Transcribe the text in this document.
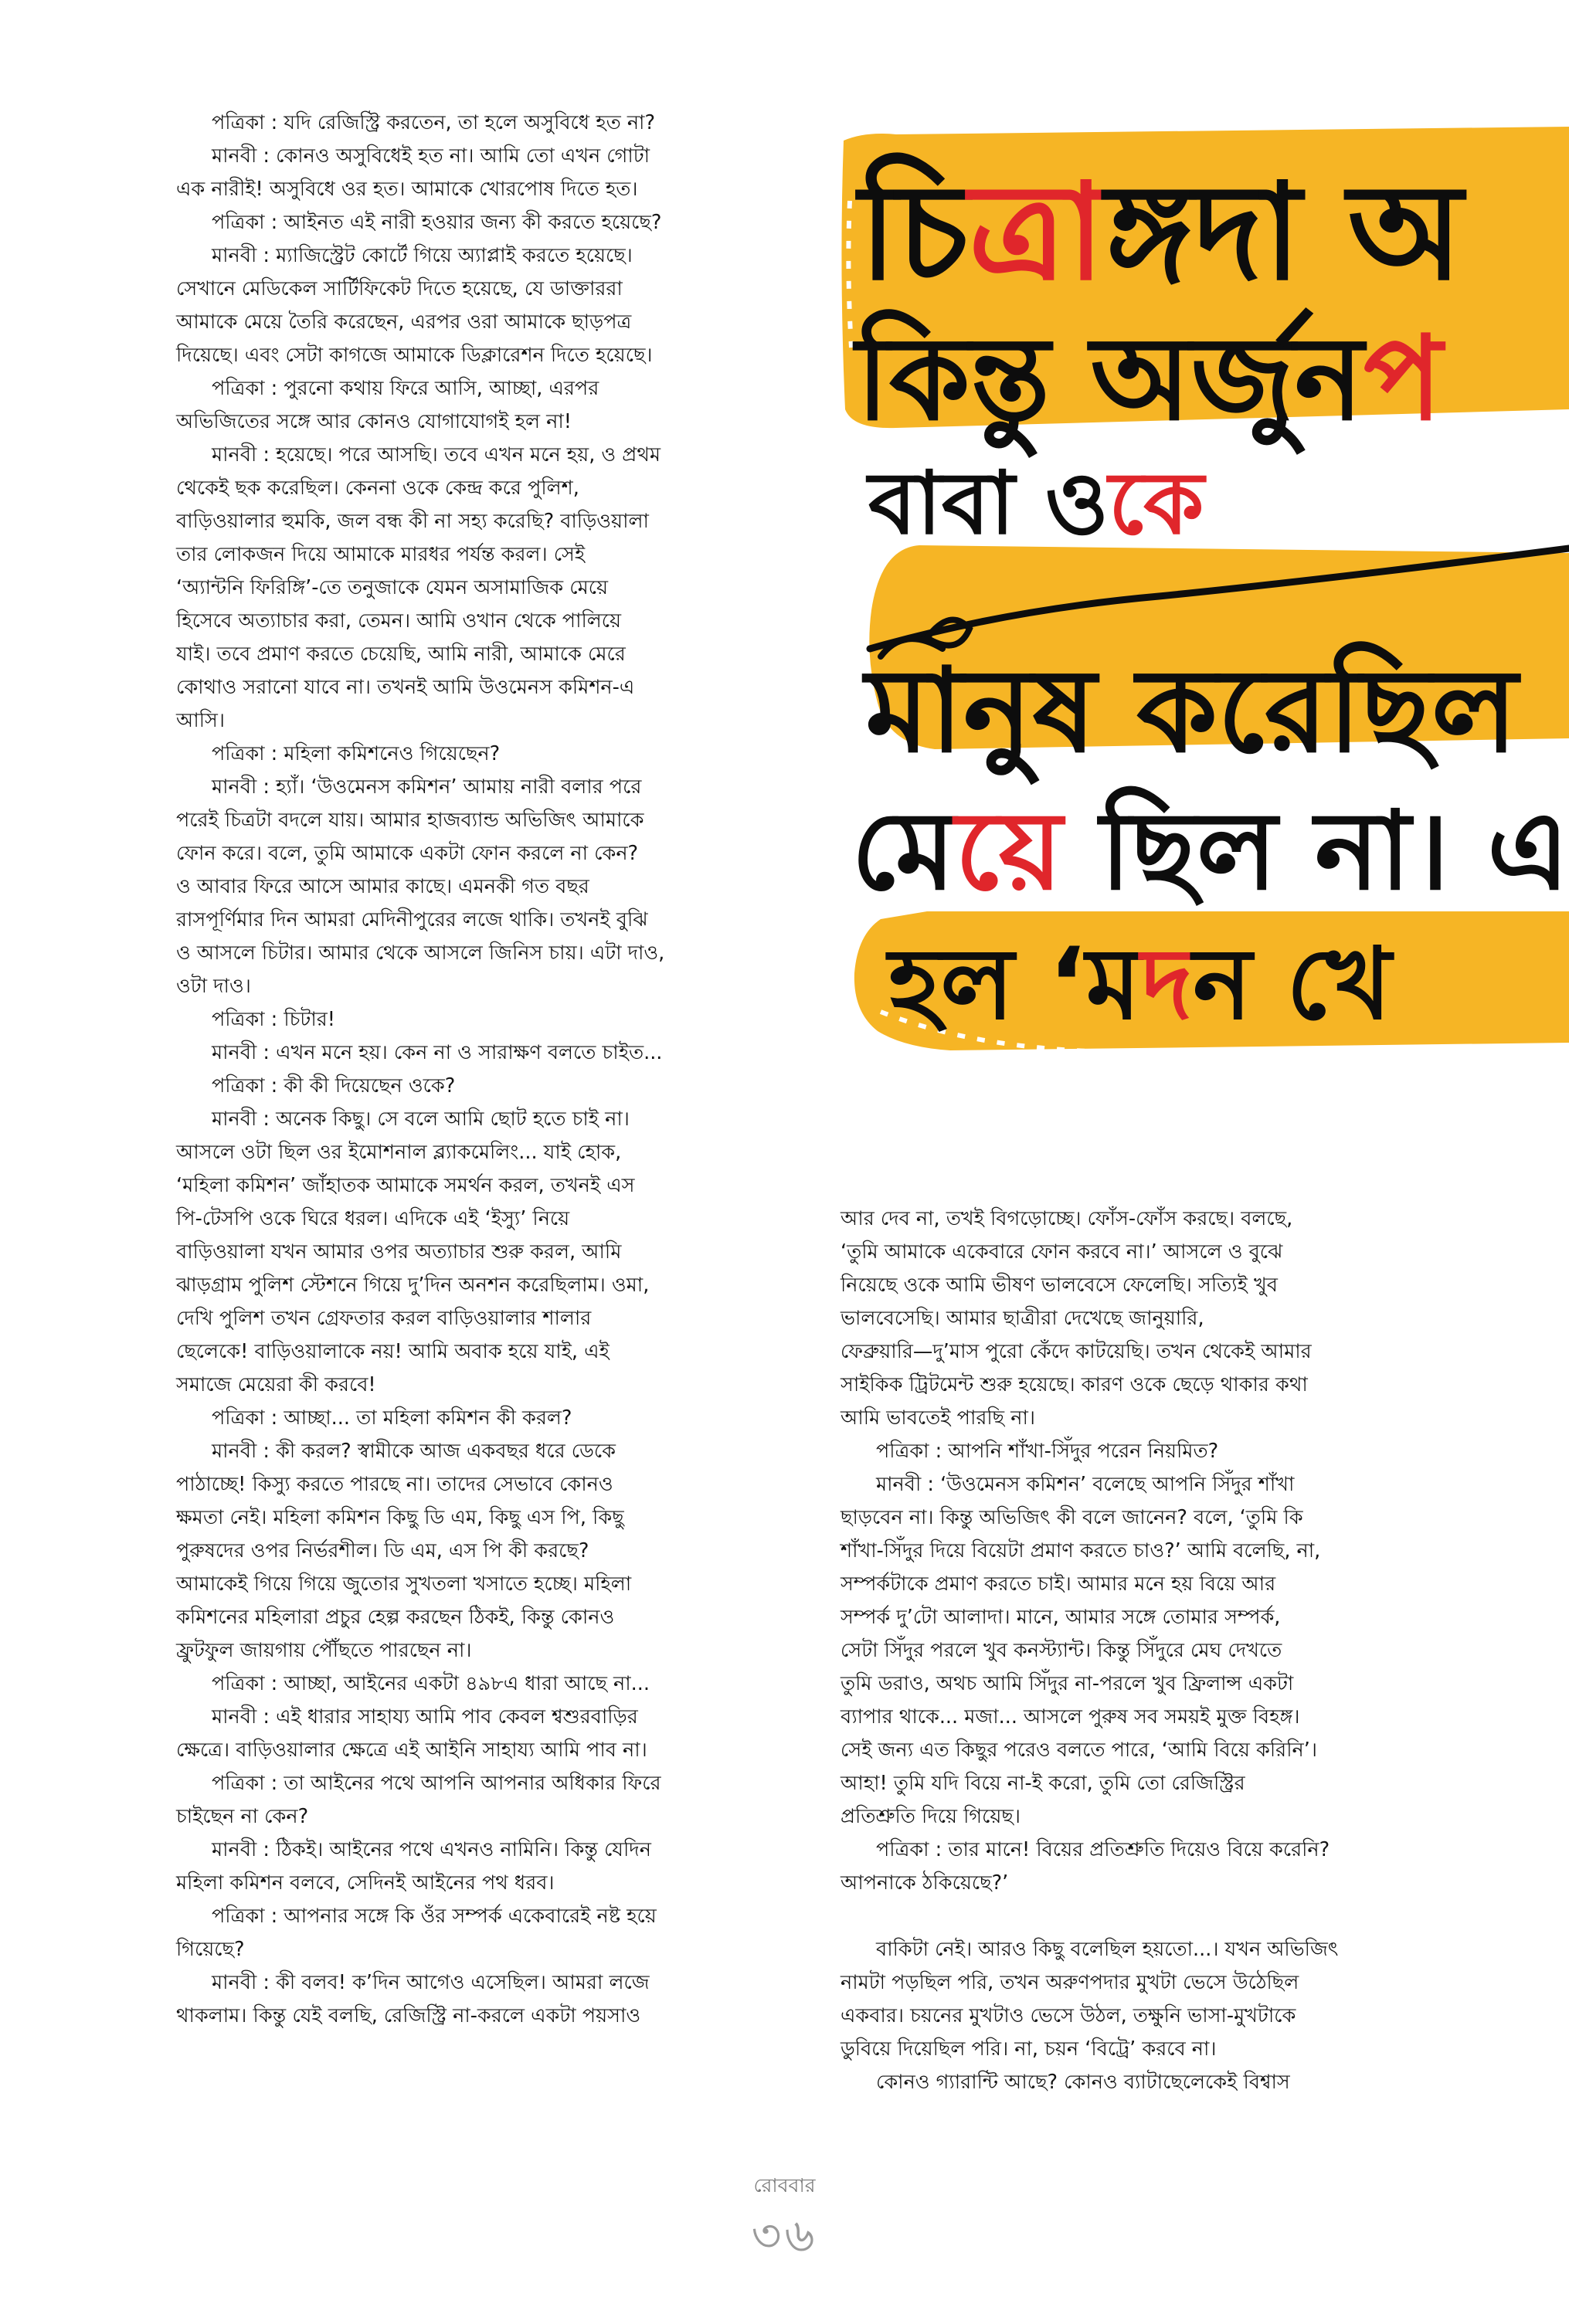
পত্রিকা : যদি রেজিস্ট্রি করতেন, তা হলে অসুবিধে হত না?

মানবী : কোনও অসুবিধেই হত না। আমি তো এখন গোটা

এক নারীই! অসুবিধে ওর হত। আমাকে খোরপোষ দিতে হত।

পত্রিকা : আইনত এই নারী হওয়ার জন্য কী করতে হয়েছে?

মানবী : ম্যাজিস্ট্রেট কোর্টে গিয়ে অ্যাপ্লাই করতে হয়েছে।

সেখানে মেডিকেল সার্টিফিকেট দিতে হয়েছে, যে ডাক্তাররা

আমাকে মেয়ে তৈরি করেছেন, এরপর ওরা আমাকে ছাড়পত্র

দিয়েছে। এবং সেটা কাগজে আমাকে ডিক্লারেশন দিতে হয়েছে।

পত্রিকা : পুরনো কথায় ফিরে আসি, আচ্ছা, এরপর

অভিজিতের সঙ্গে আর কোনও যোগাযোগই হল না!

মানবী : হয়েছে। পরে আসছি। তবে এখন মনে হয়, ও প্রথম

থেকেই ছক করেছিল। কেননা ওকে কেন্দ্র করে পুলিশ,

বাড়িওয়ালার হুমকি, জল বন্ধ কী না সহ্য করেছি? বাড়িওয়ালা

তার লোকজন দিয়ে আমাকে মারধর পর্যন্ত করল। সেই

‘অ্যান্টনি ফিরিঙ্গি’-তে তনুজাকে যেমন অসামাজিক মেয়ে

হিসেবে অত্যাচার করা, তেমন। আমি ওখান থেকে পালিয়ে

যাই। তবে প্রমাণ করতে চেয়েছি, আমি নারী, আমাকে মেরে

কোথাও সরানো যাবে না। তখনই আমি উওমেনস কমিশন-এ

আসি।

পত্রিকা : মহিলা কমিশনেও গিয়েছেন?

মানবী : হ্যাঁ। ‘উওমেনস কমিশন’ আমায় নারী বলার পরে

পরেই চিত্রটা বদলে যায়। আমার হাজব্যান্ড অভিজিৎ আমাকে

ফোন করে। বলে, তুমি আমাকে একটা ফোন করলে না কেন?

ও আবার ফিরে আসে আমার কাছে। এমনকী গত বছর

রাসপূর্ণিমার দিন আমরা মেদিনীপুরের লজে থাকি। তখনই বুঝি

ও আসলে চিটার। আমার থেকে আসলে জিনিস চায়। এটা দাও,

ওটা দাও।

পত্রিকা : চিটার!

মানবী : এখন মনে হয়। কেন না ও সারাক্ষণ বলতে চাইত...

পত্রিকা : কী কী দিয়েছেন ওকে?

মানবী : অনেক কিছু। সে বলে আমি ছোট হতে চাই না।

আসলে ওটা ছিল ওর ইমোশনাল ব্ল্যাকমেলিং... যাই হোক,

‘মহিলা কমিশন’ জাঁহাতক আমাকে সমর্থন করল, তখনই এস

পি-টেসপি ওকে ঘিরে ধরল। এদিকে এই ‘ইস্যু’ নিয়ে

বাড়িওয়ালা যখন আমার ওপর অত্যাচার শুরু করল, আমি

ঝাড়গ্রাম পুলিশ স্টেশনে গিয়ে দু’দিন অনশন করেছিলাম। ওমা,

দেখি পুলিশ তখন গ্রেফতার করল বাড়িওয়ালার শালার

ছেলেকে! বাড়িওয়ালাকে নয়! আমি অবাক হয়ে যাই, এই

সমাজে মেয়েরা কী করবে!

পত্রিকা : আচ্ছা... তা মহিলা কমিশন কী করল?

মানবী : কী করল? স্বামীকে আজ একবছর ধরে ডেকে

পাঠাচ্ছে! কিস্যু করতে পারছে না। তাদের সেভাবে কোনও

ক্ষমতা নেই। মহিলা কমিশন কিছু ডি এম, কিছু এস পি, কিছু

পুরুষদের ওপর নির্ভরশীল। ডি এম, এস পি কী করছে?

আমাকেই গিয়ে গিয়ে জুতোর সুখতলা খসাতে হচ্ছে। মহিলা

কমিশনের মহিলারা প্রচুর হেল্প করছেন ঠিকই, কিন্তু কোনও

ফ্রুটফুল জায়গায় পৌঁছতে পারছেন না।

পত্রিকা : আচ্ছা, আইনের একটা ৪৯৮এ ধারা আছে না...

মানবী : এই ধারার সাহায্য আমি পাব কেবল শ্বশুরবাড়ির

ক্ষেত্রে। বাড়িওয়ালার ক্ষেত্রে এই আইনি সাহায্য আমি পাব না।

পত্রিকা : তা আইনের পথে আপনি আপনার অধিকার ফিরে

চাইছেন না কেন?

মানবী : ঠিকই। আইনের পথে এখনও নামিনি। কিন্তু যেদিন

মহিলা কমিশন বলবে, সেদিনই আইনের পথ ধরব।

পত্রিকা : আপনার সঙ্গে কি ওঁর সম্পর্ক একেবারেই নষ্ট হয়ে

গিয়েছে?

মানবী : কী বলব! ক’দিন আগেও এসেছিল। আমরা লজে

থাকলাম। কিন্তু যেই বলছি, রেজিস্ট্রি না-করলে একটা পয়সাও

আর দেব না, তখই বিগড়োচ্ছে। ফোঁস-ফোঁস করছে। বলছে,

‘তুমি আমাকে একেবারে ফোন করবে না।’ আসলে ও বুঝে

নিয়েছে ওকে আমি ভীষণ ভালবেসে ফেলেছি। সত্যিই খুব

ভালবেসেছি। আমার ছাত্রীরা দেখেছে জানুয়ারি,

ফেব্রুয়ারি—দু’মাস পুরো কেঁদে কাটয়েছি। তখন থেকেই আমার

সাইকিক ট্রিটমেন্ট শুরু হয়েছে। কারণ ওকে ছেড়ে থাকার কথা

আমি ভাবতেই পারছি না।

পত্রিকা : আপনি শাঁখা-সিঁদুর পরেন নিয়মিত?

মানবী : ‘উওমেনস কমিশন’ বলেছে আপনি সিঁদুর শাঁখা

ছাড়বেন না। কিন্তু অভিজিৎ কী বলে জানেন? বলে, ‘তুমি কি

শাঁখা-সিঁদুর দিয়ে বিয়েটা প্রমাণ করতে চাও?’ আমি বলেছি, না,

সম্পর্কটাকে প্রমাণ করতে চাই। আমার মনে হয় বিয়ে আর

সম্পর্ক দু’টো আলাদা। মানে, আমার সঙ্গে তোমার সম্পর্ক,

সেটা সিঁদুর পরলে খুব কনস্ট্যান্ট। কিন্তু সিঁদুরে মেঘ দেখতে

তুমি ডরাও, অথচ আমি সিঁদুর না-পরলে খুব ফ্রিলান্স একটা

ব্যাপার থাকে... মজা... আসলে পুরুষ সব সময়ই মুক্ত বিহঙ্গ।

সেই জন্য এত কিছুর পরেও বলতে পারে, ‘আমি বিয়ে করিনি’।

আহা! তুমি যদি বিয়ে না-ই করো, তুমি তো রেজিস্ট্রির

প্রতিশ্রুতি দিয়ে গিয়েছ।

পত্রিকা : তার মানে! বিয়ের প্রতিশ্রুতি দিয়েও বিয়ে করেনি?

আপনাকে ঠকিয়েছে?’

বাকিটা নেই। আরও কিছু বলেছিল হয়তো...। যখন অভিজিৎ

নামটা পড়ছিল পরি, তখন অরুণপদার মুখটা ভেসে উঠেছিল

একবার। চয়নের মুখটাও ভেসে উঠল, তক্ষুনি ভাসা-মুখটাকে

ডুবিয়ে দিয়েছিল পরি। না, চয়ন ‘বিট্রে’ করবে না।

কোনও গ্যারান্টি আছে? কোনও ব্যাটাছেলেকেই বিশ্বাস

চিত্রাঙ্গদা অ
কিন্তু অর্জুনপ
বাবা ওকে
মানুষ করেছিল
মেয়ে ছিল না। এ
হল ‘মদন খে
রোববার
৩৬
